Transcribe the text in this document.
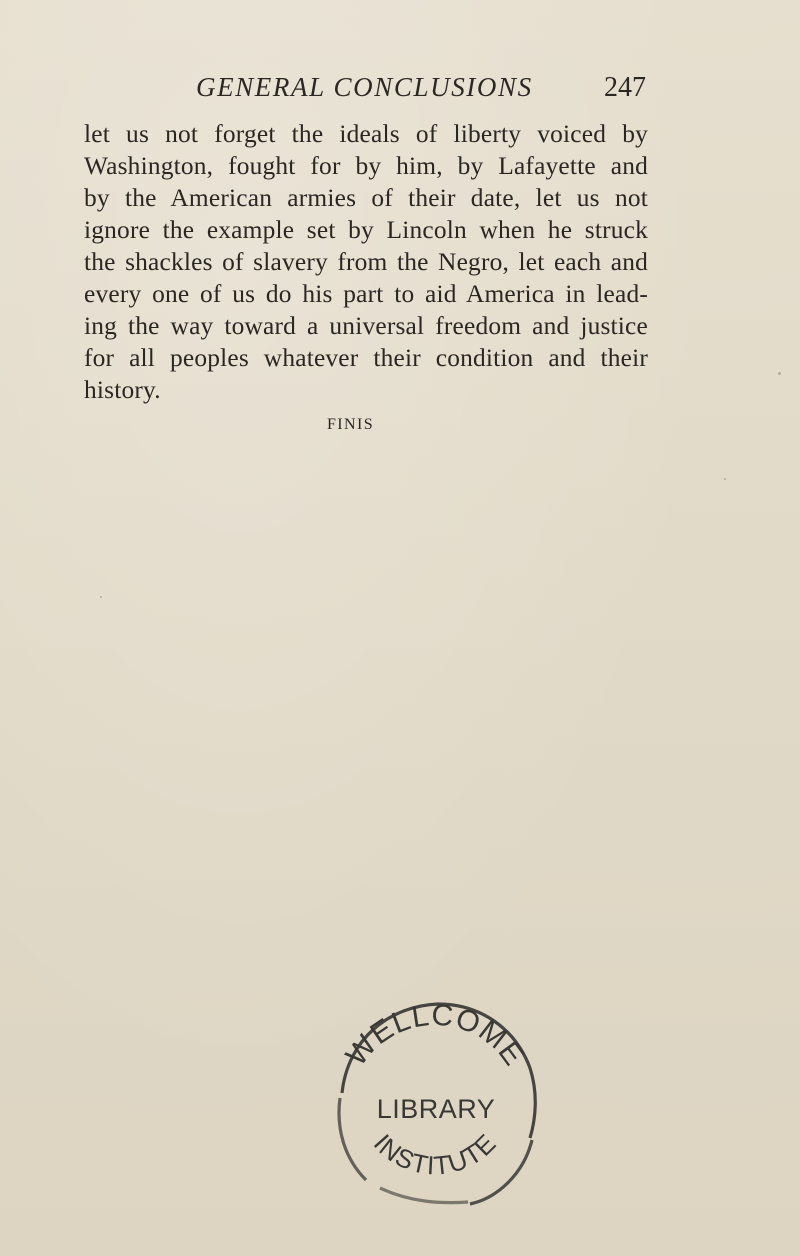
GENERAL CONCLUSIONS	247
let us not forget the ideals of liberty voiced by
Washington, fought for by him, by Lafayette and
by the American armies of their date, let us not
ignore the example set by Lincoln when he struck
the shackles of slavery from the Negro, let each and
every one of us do his part to aid America in lead-
ing the way toward a universal freedom and justice
for all peoples whatever their condition and their
history.
FINIS
WELLCOME
LIBRARY
INSTITUTE
